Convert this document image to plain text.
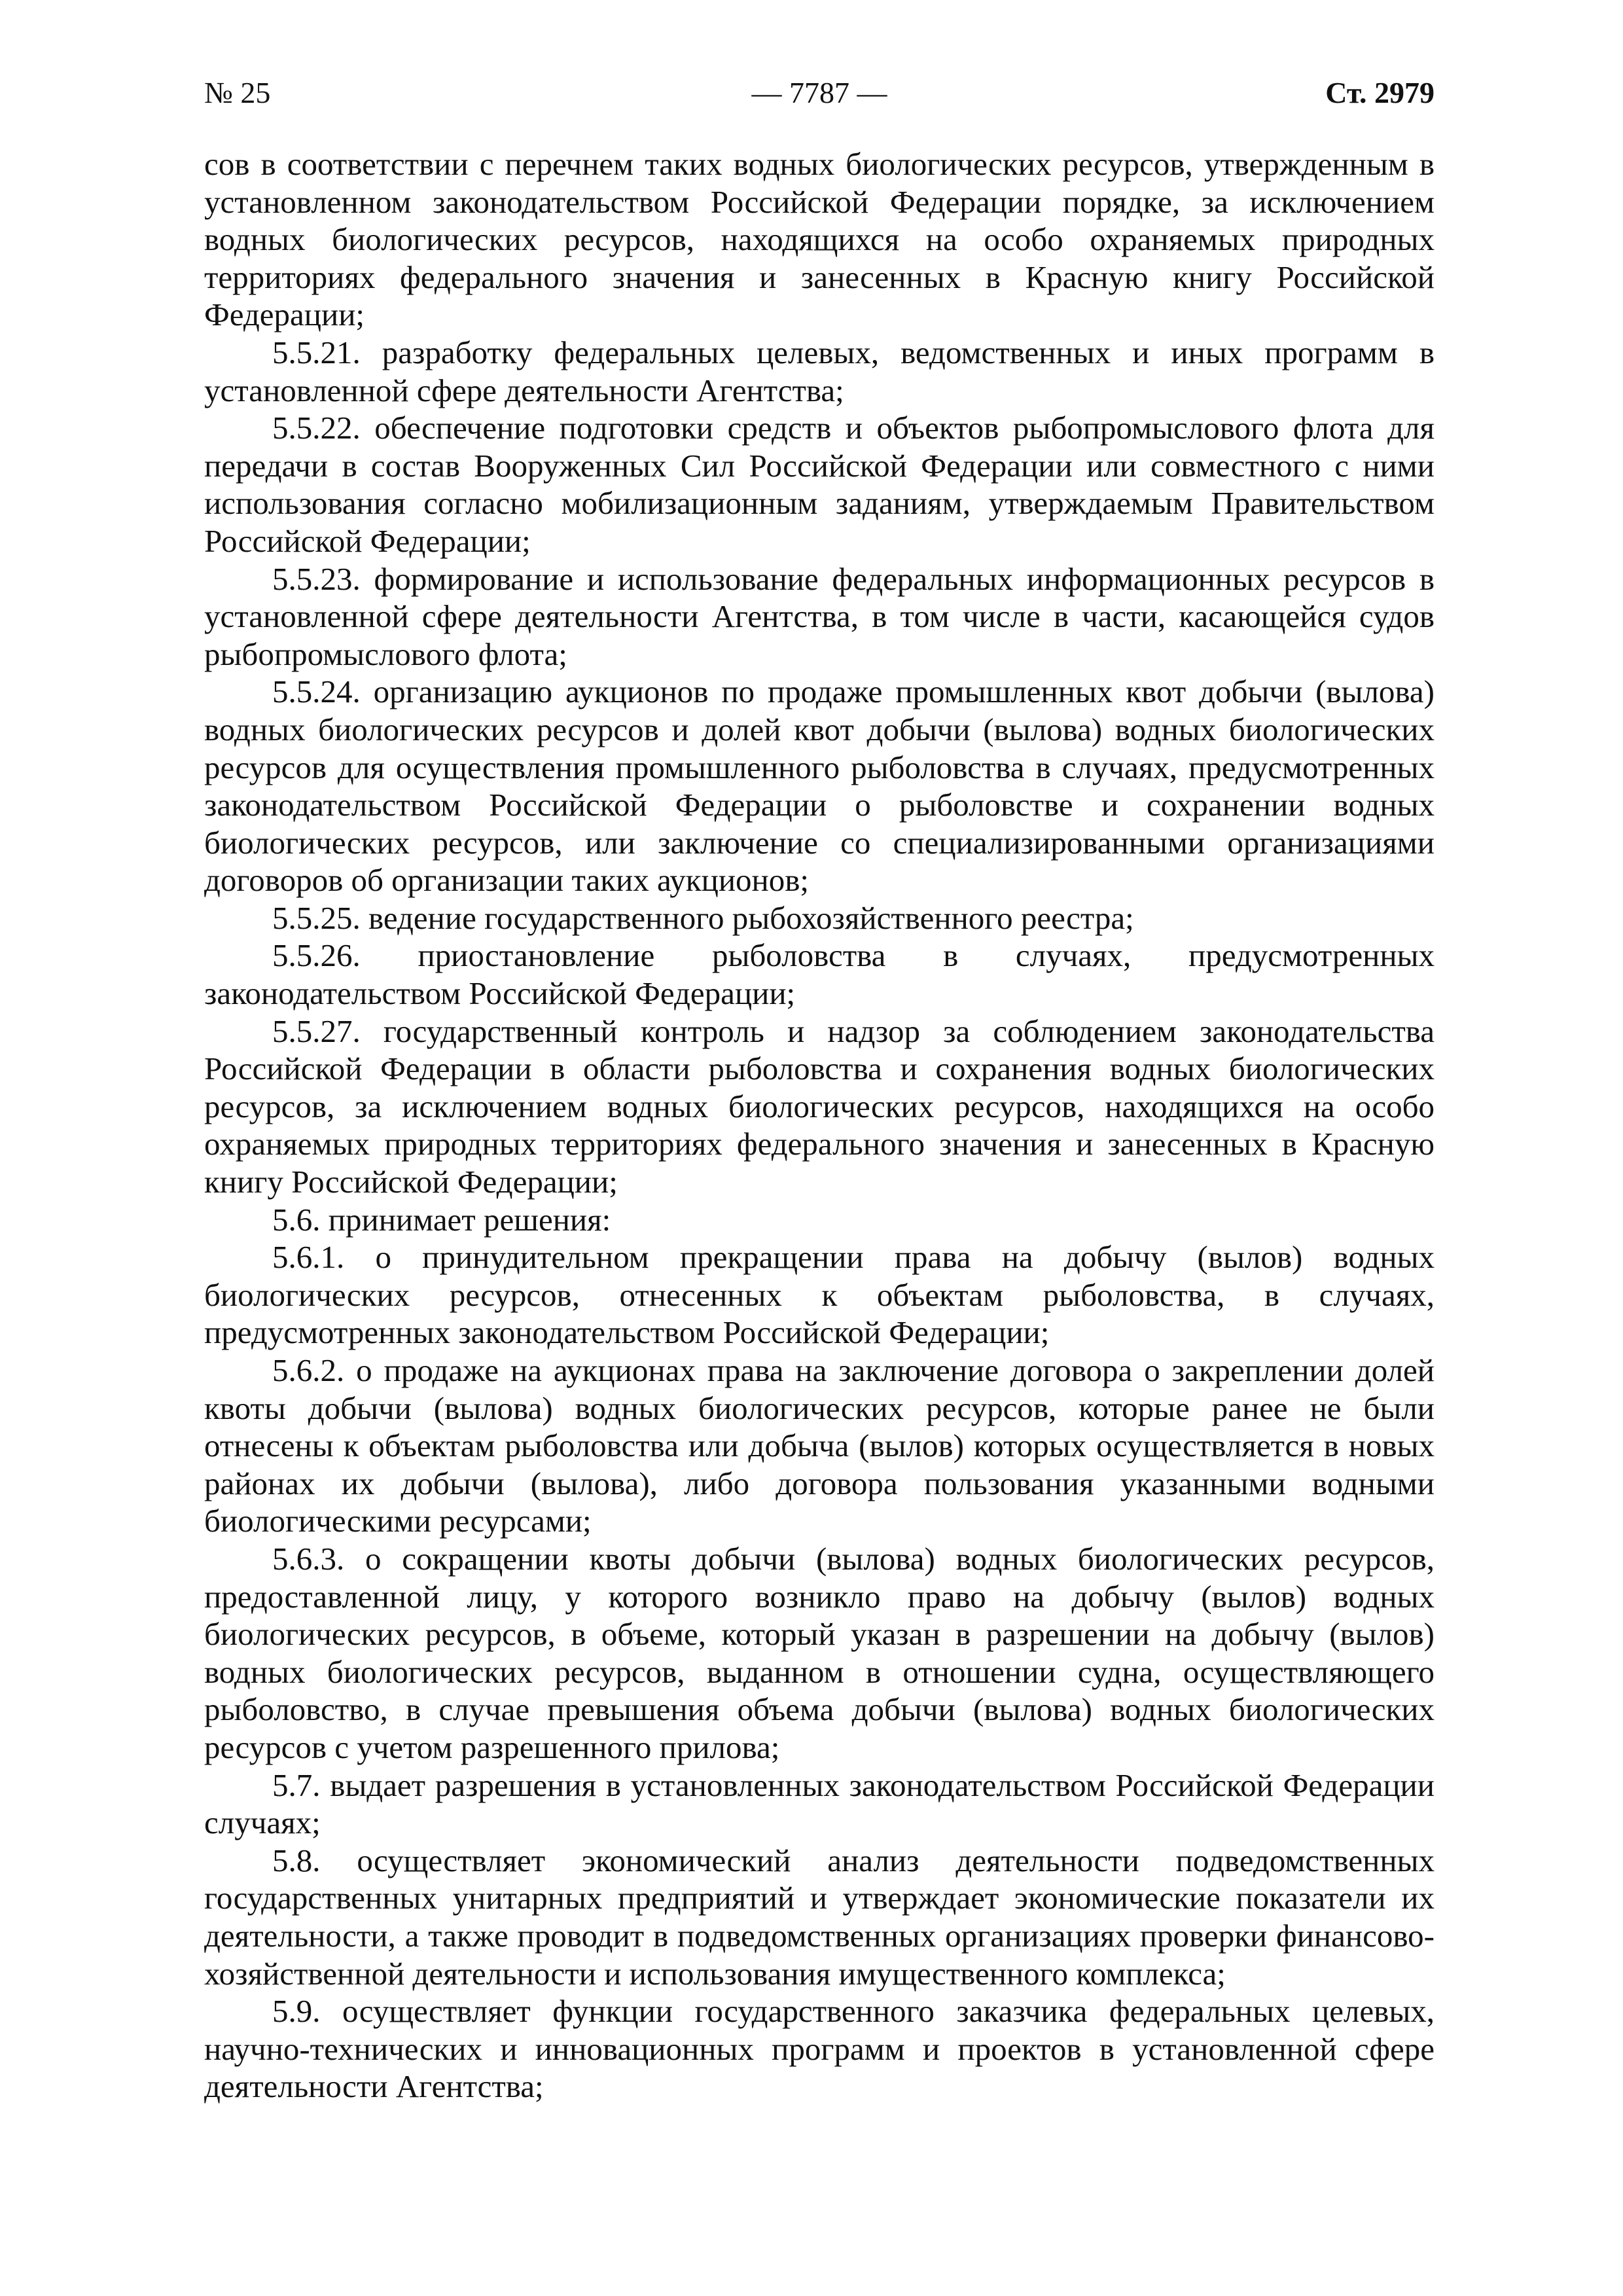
№ 25	— 7787 —	Ст. 2979

сов в соответствии с перечнем таких водных биологических ресурсов, утвержденным в установленном законодательством Российской Федерации порядке, за исключением водных биологических ресурсов, находящихся на особо охраняемых природных территориях федерального значения и занесенных в Красную книгу Российской Федерации;

5.5.21. разработку федеральных целевых, ведомственных и иных программ в установленной сфере деятельности Агентства;

5.5.22. обеспечение подготовки средств и объектов рыбопромыслового флота для передачи в состав Вооруженных Сил Российской Федерации или совместного с ними использования согласно мобилизационным заданиям, утверждаемым Правительством Российской Федерации;

5.5.23. формирование и использование федеральных информационных ресурсов в установленной сфере деятельности Агентства, в том числе в части, касающейся судов рыбопромыслового флота;

5.5.24. организацию аукционов по продаже промышленных квот добычи (вылова) водных биологических ресурсов и долей квот добычи (вылова) водных биологических ресурсов для осуществления промышленного рыболовства в случаях, предусмотренных законодательством Российской Федерации о рыболовстве и сохранении водных биологических ресурсов, или заключение со специализированными организациями договоров об организации таких аукционов;

5.5.25. ведение государственного рыбохозяйственного реестра;

5.5.26. приостановление рыболовства в случаях, предусмотренных законодательством Российской Федерации;

5.5.27. государственный контроль и надзор за соблюдением законодательства Российской Федерации в области рыболовства и сохранения водных биологических ресурсов, за исключением водных биологических ресурсов, находящихся на особо охраняемых природных территориях федерального значения и занесенных в Красную книгу Российской Федерации;

5.6. принимает решения:

5.6.1. о принудительном прекращении права на добычу (вылов) водных биологических ресурсов, отнесенных к объектам рыболовства, в случаях, предусмотренных законодательством Российской Федерации;

5.6.2. о продаже на аукционах права на заключение договора о закреплении долей квоты добычи (вылова) водных биологических ресурсов, которые ранее не были отнесены к объектам рыболовства или добыча (вылов) которых осуществляется в новых районах их добычи (вылова), либо договора пользования указанными водными биологическими ресурсами;

5.6.3. о сокращении квоты добычи (вылова) водных биологических ресурсов, предоставленной лицу, у которого возникло право на добычу (вылов) водных биологических ресурсов, в объеме, который указан в разрешении на добычу (вылов) водных биологических ресурсов, выданном в отношении судна, осуществляющего рыболовство, в случае превышения объема добычи (вылова) водных биологических ресурсов с учетом разрешенного прилова;

5.7. выдает разрешения в установленных законодательством Российской Федерации случаях;

5.8. осуществляет экономический анализ деятельности подведомственных государственных унитарных предприятий и утверждает экономические показатели их деятельности, а также проводит в подведомственных организациях проверки финансово-хозяйственной деятельности и использования имущественного комплекса;

5.9. осуществляет функции государственного заказчика федеральных целевых, научно-технических и инновационных программ и проектов в установленной сфере деятельности Агентства;
